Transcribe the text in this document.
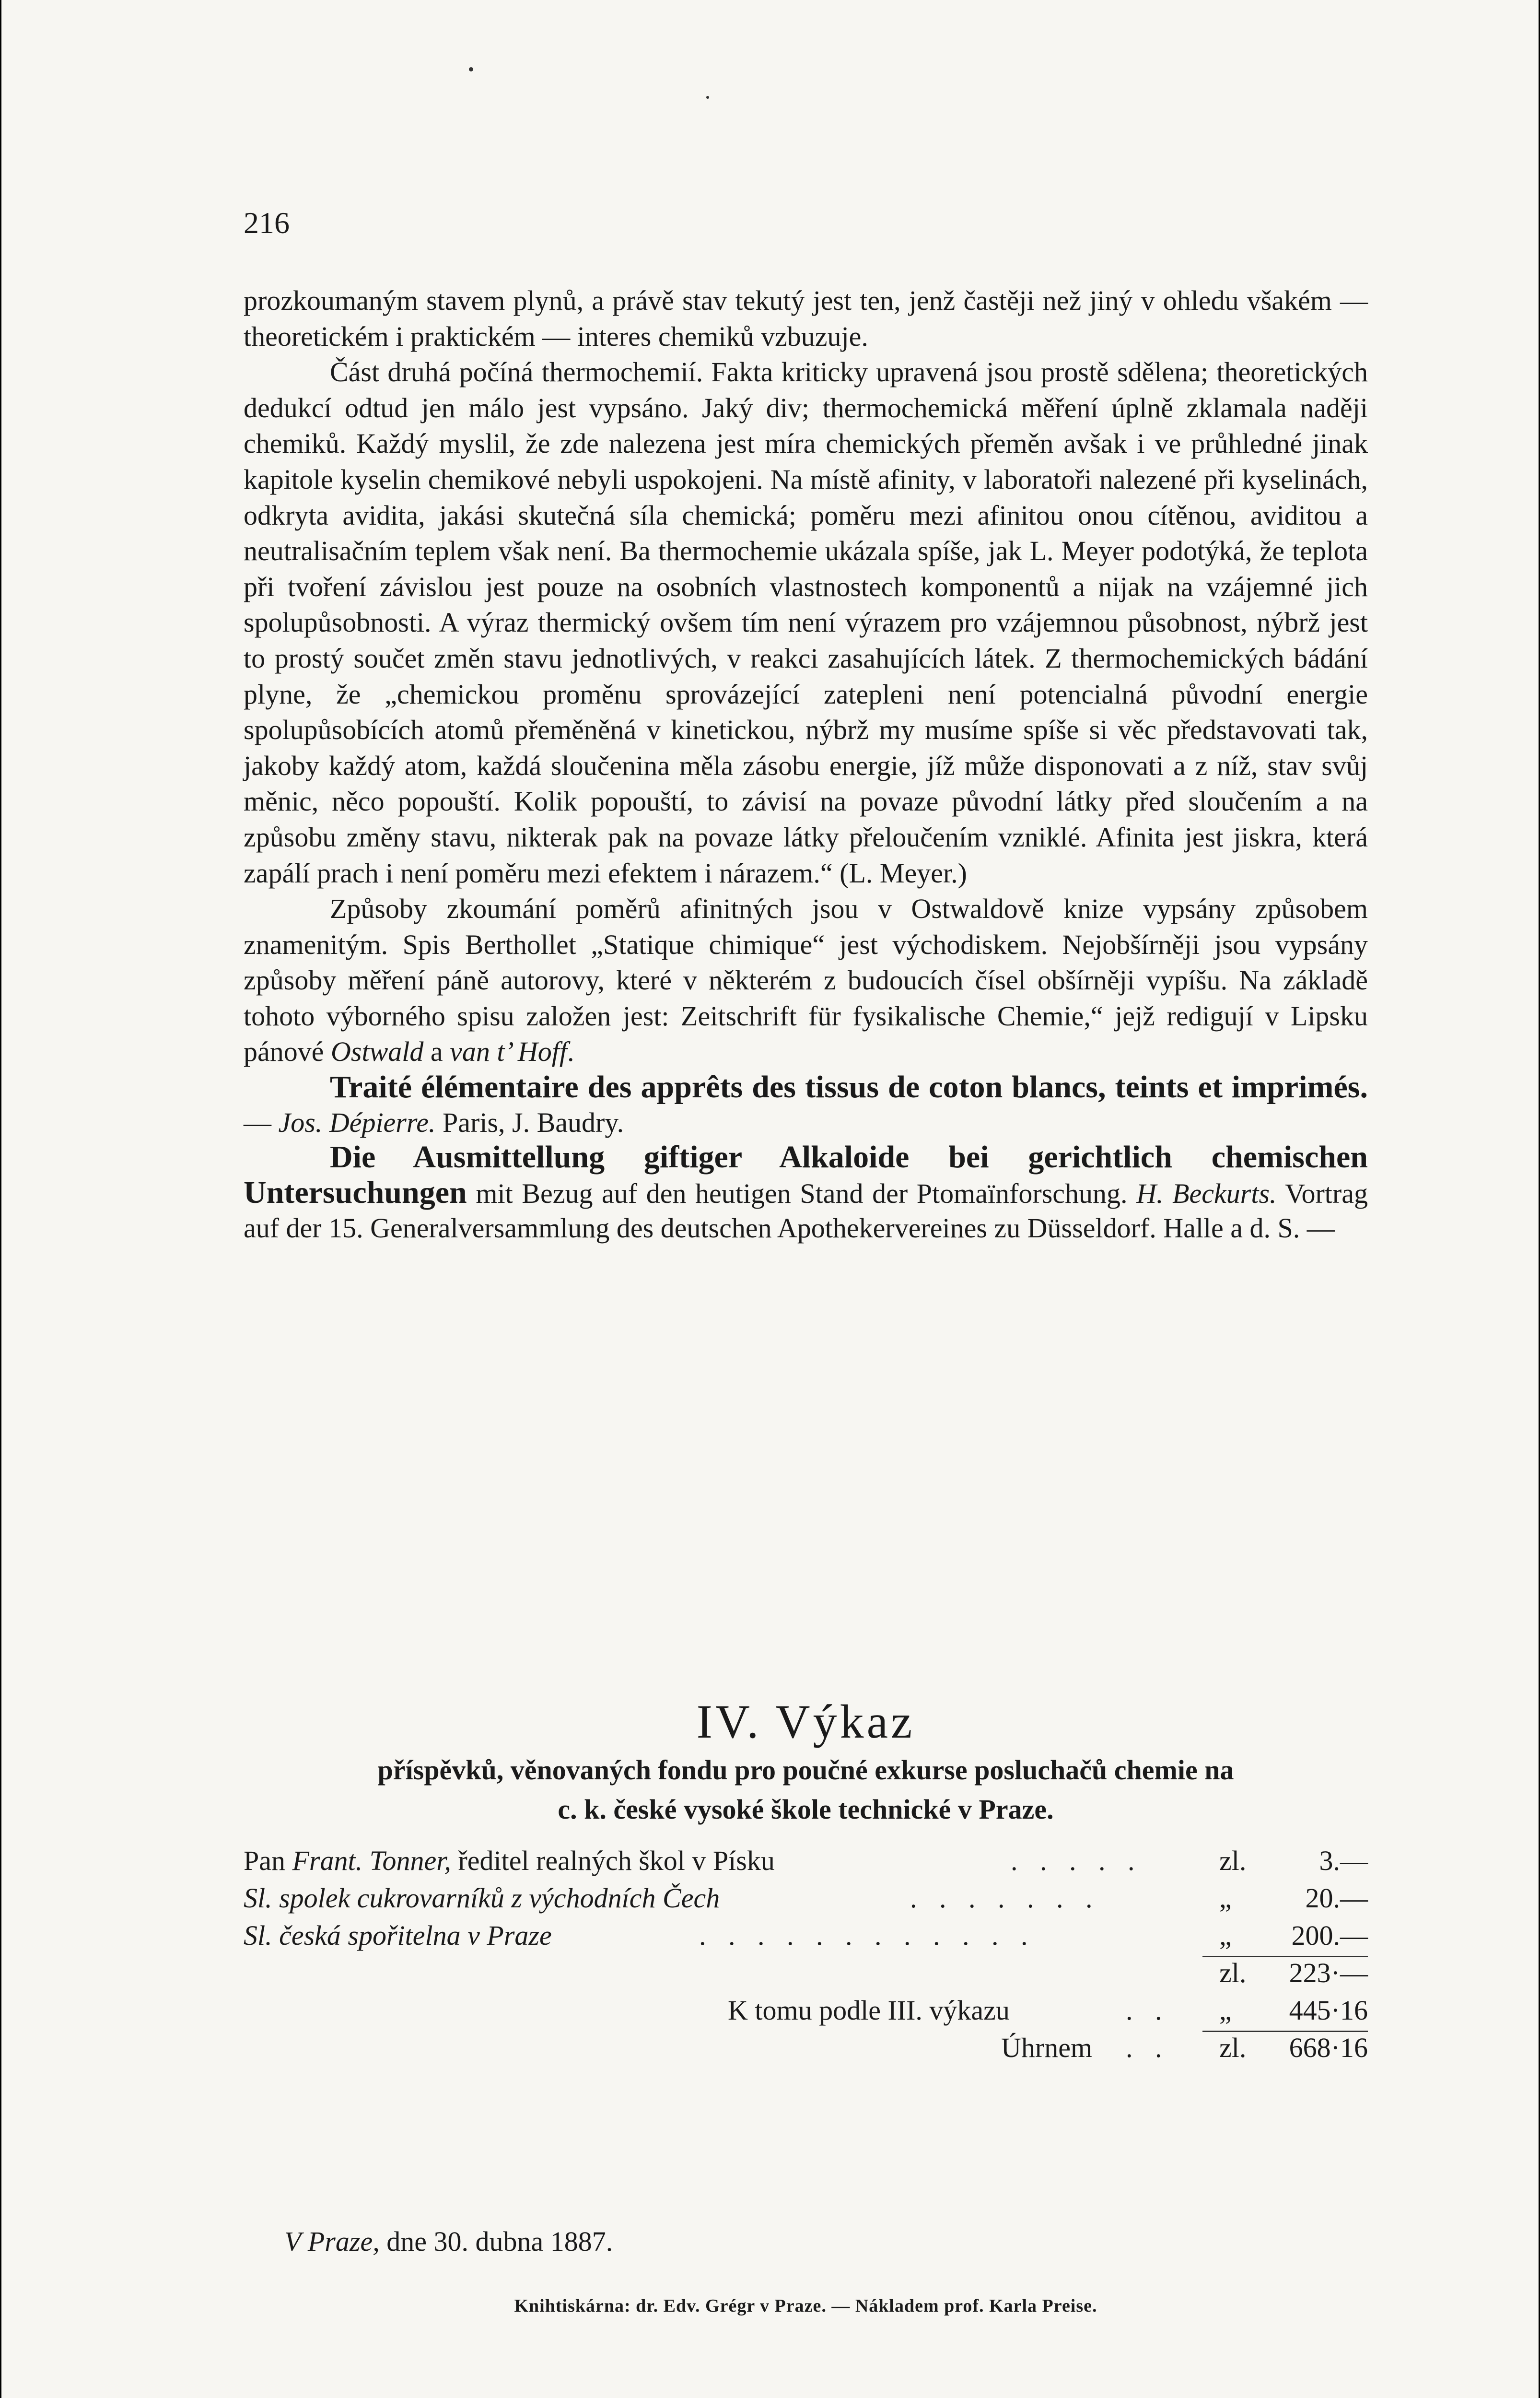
216

prozkoumaným stavem plynů, a právě stav tekutý jest ten, jenž častěji než jiný v ohledu všakém — theoretickém i praktickém — interes chemiků vzbuzuje.

Část druhá počíná thermochemií. Fakta kriticky upravená jsou prostě sdělena; theoretických dedukcí odtud jen málo jest vypsáno. Jaký div; thermochemická měření úplně zklamala naději chemiků. Každý myslil, že zde nalezena jest míra chemických přeměn avšak i ve průhledné jinak kapitole kyselin chemikové nebyli uspokojeni. Na místě afinity, v laboratoři nalezené při kyselinách, odkryta avidita, jakási skutečná síla chemická; poměru mezi afinitou onou cítěnou, aviditou a neutralisačním teplem však není. Ba thermochemie ukázala spíše, jak L. Meyer podotýká, že teplota při tvoření závislou jest pouze na osobních vlastnostech komponentů a nijak na vzájemné jich spolupůsobnosti. A výraz thermický ovšem tím není výrazem pro vzájemnou působnost, nýbrž jest to prostý součet změn stavu jednotlivých, v reakci zasahujících látek. Z thermochemických bádání plyne, že „chemickou proměnu sprovázející zatepleni není potencialná původní energie spolupůsobících atomů přeměněná v kinetickou, nýbrž my musíme spíše si věc představovati tak, jakoby každý atom, každá sloučenina měla zásobu energie, jíž může disponovati a z níž, stav svůj měnic, něco popouští. Kolik popouští, to závisí na povaze původní látky před sloučením a na způsobu změny stavu, nikterak pak na povaze látky přeloučením vzniklé. Afinita jest jiskra, která zapálí prach i není poměru mezi efektem i nárazem.“ (L. Meyer.)

Způsoby zkoumání poměrů afinitných jsou v Ostwaldově knize vypsány způsobem znamenitým. Spis Berthollet „Statique chimique“ jest východiskem. Nejobšírněji jsou vypsány způsoby měření páně autorovy, které v některém z budoucích čísel obšírněji vypíšu. Na základě tohoto výborného spisu založen jest: Zeitschrift für fysikalische Chemie,“ jejž redigují v Lipsku pánové Ostwald a van t’ Hoff.

Traité élémentaire des apprêts des tissus de coton blancs, teints et imprimés. — Jos. Dépierre. Paris, J. Baudry.

Die Ausmittellung giftiger Alkaloide bei gerichtlich chemischen Untersuchungen mit Bezug auf den heutigen Stand der Ptomaïnforschung. H. Beckurts. Vortrag auf der 15. Generalversammlung des deutschen Apothekervereines zu Düsseldorf. Halle a d. S. —

IV. Výkaz
příspěvků, věnovaných fondu pro poučné exkurse posluchačů chemie na
c. k. české vysoké škole technické v Praze.
Pan Frant. Tonner, ředitel realných škol v Písku	. . . . .	zl.	3.—
Sl. spolek cukrovarníků z východních Čech	. . . . . . .	„	20.—
Sl. česká spořitelna v Praze	. . . . . . . . . . . .	„ 200.—
zl. 223·—
K tomu podle III. výkazu	. . „ 445·16
Úhrnem . . zl. 668·16
V Praze, dne 30. dubna 1887.
Knihtiskárna: dr. Edv. Grégr v Praze. — Nákladem prof. Karla Preise.
